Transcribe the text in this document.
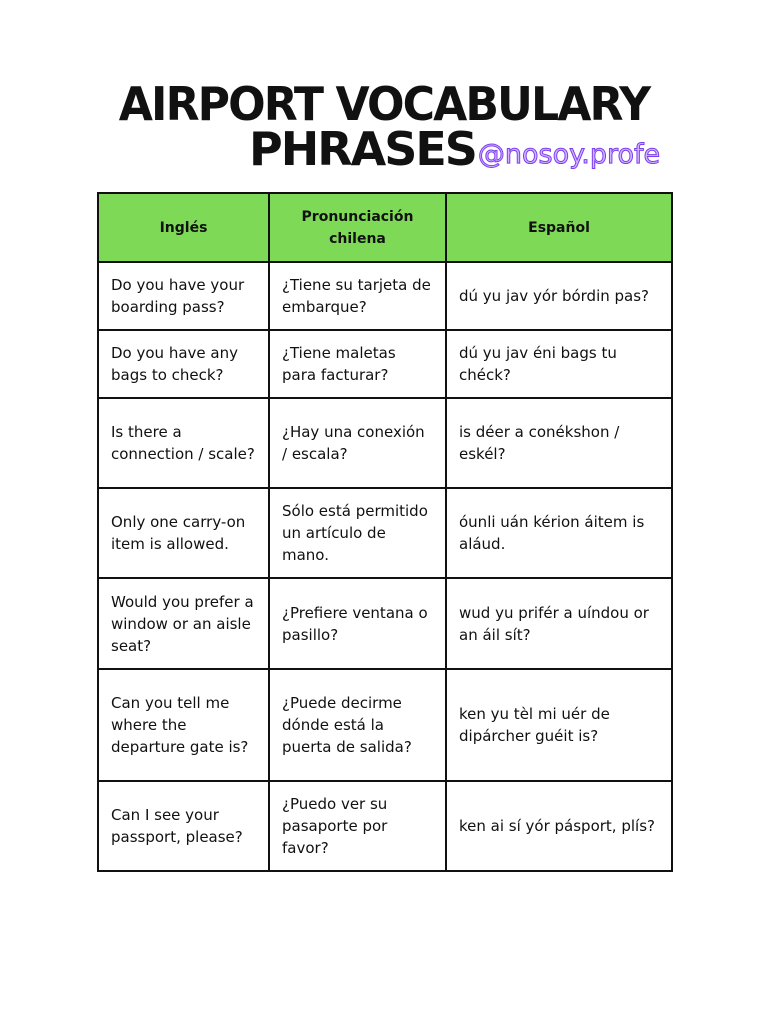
AIRPORT VOCABULARY
PHRASES@nosoy.profe
Inglés	Pronunciación chilena	Español
Do you have your boarding pass?	¿Tiene su tarjeta de embarque?	dú yu jav yór bórdin pas?
Do you have any bags to check?	¿Tiene maletas para facturar?	dú yu jav éni bags tu chéck?
Is there a connection / scale?	¿Hay una conexión / escala?	is déer a conékshon / eskél?
Only one carry-on item is allowed.	Sólo está permitido un artículo de mano.	óunli uán kérion áitem is aláud.
Would you prefer a window or an aisle seat?	¿Prefiere ventana o pasillo?	wud yu prifér a uíndou or an áil sít?
Can you tell me where the departure gate is?	¿Puede decirme dónde está la puerta de salida?	ken yu tèl mi uér de dipárcher guéit is?
Can I see your passport, please?	¿Puedo ver su pasaporte por favor?	ken ai sí yór pásport, plís?
